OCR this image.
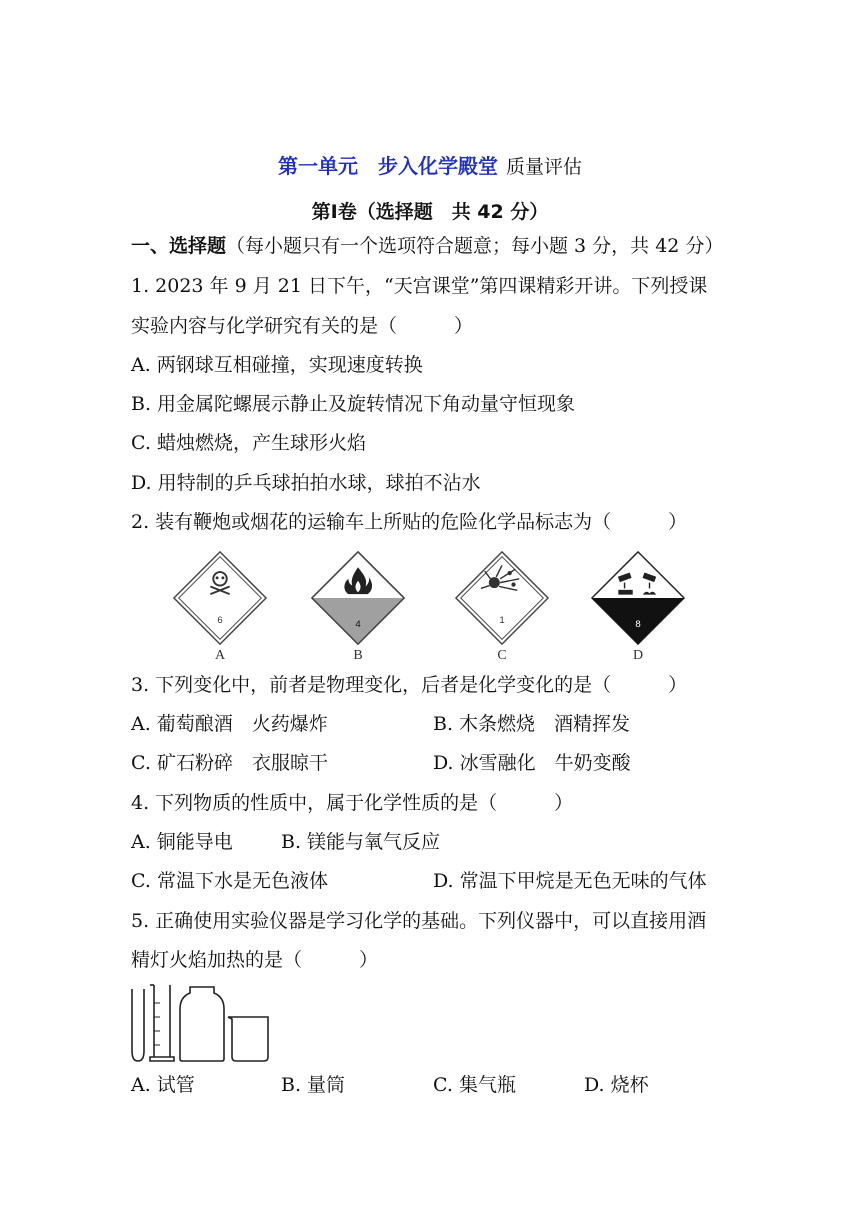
第一单元　步入化学殿堂 质量评估
第Ⅰ卷（选择题　共 42 分）
一、选择题（每小题只有一个选项符合题意；每小题 3 分，共 42 分）
1. 2023 年 9 月 21 日下午，“天宫课堂”第四课精彩开讲。下列授课
实验内容与化学研究有关的是（　　　）
A. 两钢球互相碰撞，实现速度转换
B. 用金属陀螺展示静止及旋转情况下角动量守恒现象
C. 蜡烛燃烧，产生球形火焰
D. 用特制的乒乓球拍拍水球，球拍不沾水
2. 装有鞭炮或烟花的运输车上所贴的危险化学品标志为（　　　）
6
A
4
B
1
C
8
D
3. 下列变化中，前者是物理变化，后者是化学变化的是（　　　）
A. 葡萄酿酒　火药爆炸	B. 木条燃烧　酒精挥发
C. 矿石粉碎　衣服晾干	D. 冰雪融化　牛奶变酸
4. 下列物质的性质中，属于化学性质的是（　　　）
A. 铜能导电	B. 镁能与氧气反应
C. 常温下水是无色液体	D. 常温下甲烷是无色无味的气体
5. 正确使用实验仪器是学习化学的基础。下列仪器中，可以直接用酒
精灯火焰加热的是（　　　）
A. 试管	B. 量筒	C. 集气瓶	D. 烧杯
